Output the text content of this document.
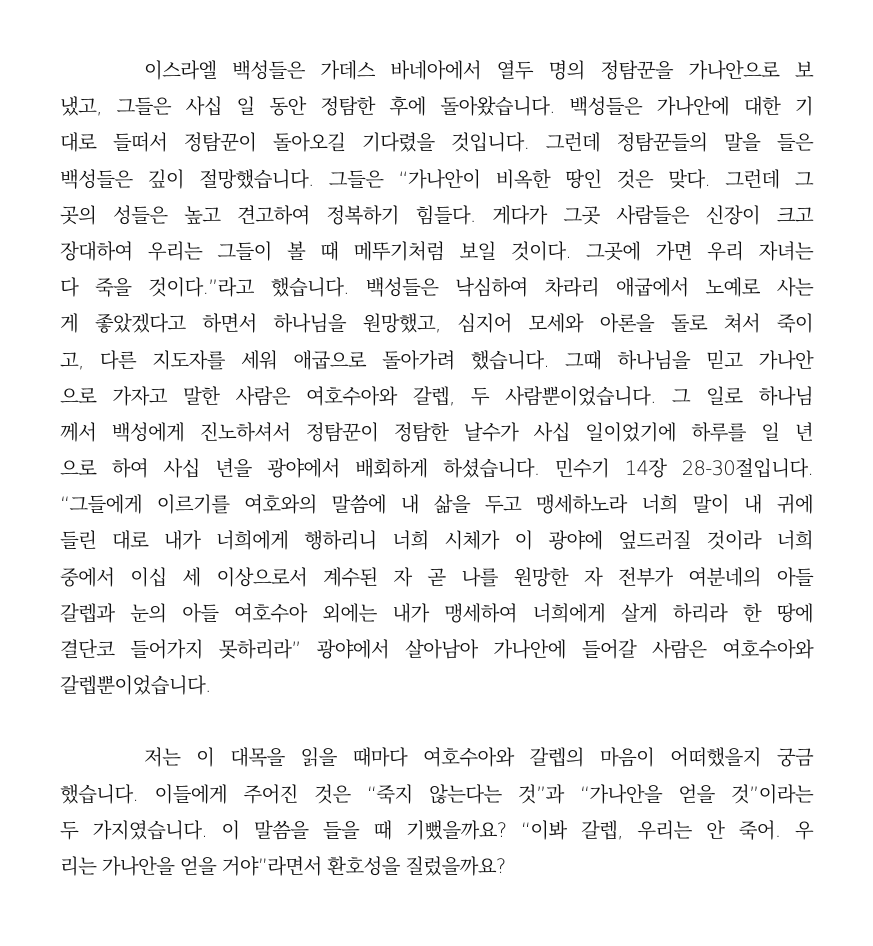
이스라엘 백성들은 가데스 바네아에서 열두 명의 정탐꾼을 가나안으로 보
냈고, 그들은 사십 일 동안 정탐한 후에 돌아왔습니다. 백성들은 가나안에 대한 기
대로 들떠서 정탐꾼이 돌아오길 기다렸을 것입니다. 그런데 정탐꾼들의 말을 들은
백성들은 깊이 절망했습니다. 그들은 “가나안이 비옥한 땅인 것은 맞다. 그런데 그
곳의 성들은 높고 견고하여 정복하기 힘들다. 게다가 그곳 사람들은 신장이 크고
장대하여 우리는 그들이 볼 때 메뚜기처럼 보일 것이다. 그곳에 가면 우리 자녀는
다 죽을 것이다.”라고 했습니다. 백성들은 낙심하여 차라리 애굽에서 노예로 사는
게 좋았겠다고 하면서 하나님을 원망했고, 심지어 모세와 아론을 돌로 쳐서 죽이
고, 다른 지도자를 세워 애굽으로 돌아가려 했습니다. 그때 하나님을 믿고 가나안
으로 가자고 말한 사람은 여호수아와 갈렙, 두 사람뿐이었습니다. 그 일로 하나님
께서 백성에게 진노하셔서 정탐꾼이 정탐한 날수가 사십 일이었기에 하루를 일 년
으로 하여 사십 년을 광야에서 배회하게 하셨습니다. 민수기 14장 28-30절입니다.
“그들에게 이르기를 여호와의 말씀에 내 삶을 두고 맹세하노라 너희 말이 내 귀에
들린 대로 내가 너희에게 행하리니 너희 시체가 이 광야에 엎드러질 것이라 너희
중에서 이십 세 이상으로서 계수된 자 곧 나를 원망한 자 전부가 여분네의 아들
갈렙과 눈의 아들 여호수아 외에는 내가 맹세하여 너희에게 살게 하리라 한 땅에
결단코 들어가지 못하리라” 광야에서 살아남아 가나안에 들어갈 사람은 여호수아와
갈렙뿐이었습니다.
저는 이 대목을 읽을 때마다 여호수아와 갈렙의 마음이 어떠했을지 궁금
했습니다. 이들에게 주어진 것은 “죽지 않는다는 것”과 “가나안을 얻을 것”이라는
두 가지였습니다. 이 말씀을 들을 때 기뻤을까요? “이봐 갈렙, 우리는 안 죽어. 우
리는 가나안을 얻을 거야”라면서 환호성을 질렀을까요?
